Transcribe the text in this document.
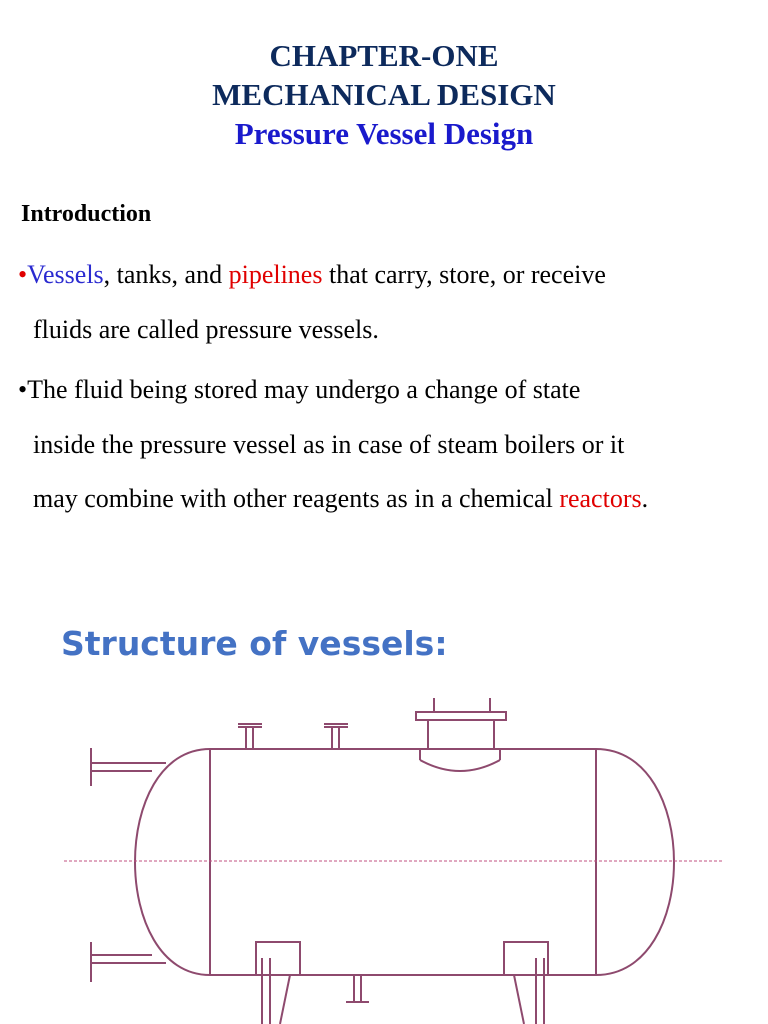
CHAPTER-ONE
MECHANICAL DESIGN
Pressure Vessel Design
Introduction
•Vessels, tanks, and pipelines that carry, store, or receive
fluids are called pressure vessels.
•The fluid being stored may undergo a change of state
inside the pressure vessel as in case of steam boilers or it
may combine with other reagents as in a chemical reactors.
Structure of vessels:
